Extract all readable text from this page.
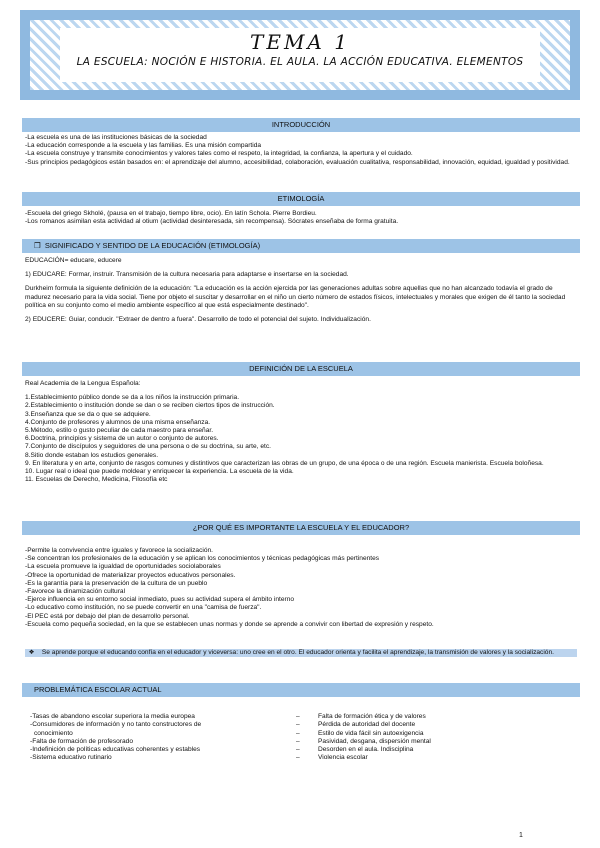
TEMA 1
LA ESCUELA: NOCIÓN E HISTORIA. EL AULA. LA ACCIÓN EDUCATIVA. ELEMENTOS
INTRODUCCIÓN

-La escuela es una de las instituciones básicas de la sociedad

-La educación corresponde a la escuela y las familias. Es una misión compartida

-La escuela construye y transmite conocimientos y valores tales como el respeto, la integridad, la confianza, la apertura y el cuidado.

-Sus principios pedagógicos están basados en: el aprendizaje del alumno, accesibilidad, colaboración, evaluación cualitativa, responsabilidad, innovación, equidad, igualdad y positividad.

ETIMOLOGÍA

-Escuela del griego Skholé, (pausa en el trabajo, tiempo libre, ocio). En latín Schola. Pierre Bordieu.

-Los romanos asimilan esta actividad al otium (actividad desinteresada, sin recompensa). Sócrates enseñaba de forma gratuita.

❒  SIGNIFICADO Y SENTIDO DE LA EDUCACIÓN (ETIMOLOGÍA)

EDUCACIÓN= educare, educere

1) EDUCARE: Formar, instruir. Transmisión de la cultura necesaria para adaptarse e insertarse en la sociedad.

Durkheim formula la siguiente definición de la educación: "La educación es la acción ejercida por las generaciones adultas sobre aquellas que no han alcanzado todavía el grado de madurez necesario para la vida social. Tiene por objeto el suscitar y desarrollar en el niño un cierto número de estados físicos, intelectuales y morales que exigen de él tanto la sociedad política en su conjunto como el medio ambiente específico al que está especialmente destinado".

2) EDUCERE: Guiar, conducir. "Extraer de dentro a fuera". Desarrollo de todo el potencial del sujeto. Individualización.

DEFINICIÓN DE LA ESCUELA

Real Academia de la Lengua Española:

1.Establecimiento público donde se da a los niños la instrucción primaria.

2.Establecimiento o institución donde se dan o se reciben ciertos tipos de instrucción.

3.Enseñanza que se da o que se adquiere.

4.Conjunto de profesores y alumnos de una misma enseñanza.

5.Método, estilo o gusto peculiar de cada maestro para enseñar.

6.Doctrina, principios y sistema de un autor o conjunto de autores.

7.Conjunto de discípulos y seguidores de una persona o de su doctrina, su arte, etc.

8.Sitio donde estaban los estudios generales.

9. En literatura y en arte, conjunto de rasgos comunes y distintivos que caracterizan las obras de un grupo, de una época o de una región. Escuela manierista. Escuela boloñesa.

10. Lugar real o ideal que puede moldear y enriquecer la experiencia. La escuela de la vida.

11. Escuelas de Derecho, Medicina, Filosofía etc

¿POR QUÉ ES IMPORTANTE LA ESCUELA Y EL EDUCADOR?

-Permite la convivencia entre iguales y favorece la socialización.

-Se concentran los profesionales de la educación y se aplican los conocimientos y técnicas pedagógicas más pertinentes

-La escuela promueve la igualdad de oportunidades sociolaborales

-Ofrece la oportunidad de materializar proyectos educativos personales.

-Es la garantía para la preservación de la cultura de un pueblo

-Favorece la dinamización cultural

-Ejerce influencia en su entorno social inmediato, pues su actividad supera el ámbito interno

-Lo educativo como institución, no se puede convertir en una "camisa de fuerza".

-El PEC está por debajo del plan de desarrollo personal.

-Escuela como pequeña sociedad, en la que se establecen unas normas y donde se aprende a convivir con libertad de expresión y respeto.

❖    Se aprende porque el educando confía en el educador y viceversa: uno cree en el otro. El educador orienta y facilita el aprendizaje, la transmisión de valores y la socialización.
PROBLEMÁTICA ESCOLAR ACTUAL

-Tasas de abandono escolar superiora la media europea

-Consumidores de información y no tanto constructores de

conocimiento

-Falta de formación de profesorado

-Indefinición de políticas educativas coherentes y estables

-Sistema educativo rutinario

–          Falta de formación ética y de valores

–          Pérdida de autoridad del docente

–          Estilo de vida fácil sin autoexigencia

–          Pasividad, desgana, dispersión mental

–          Desorden en el aula. Indisciplina

–          Violencia escolar

1
